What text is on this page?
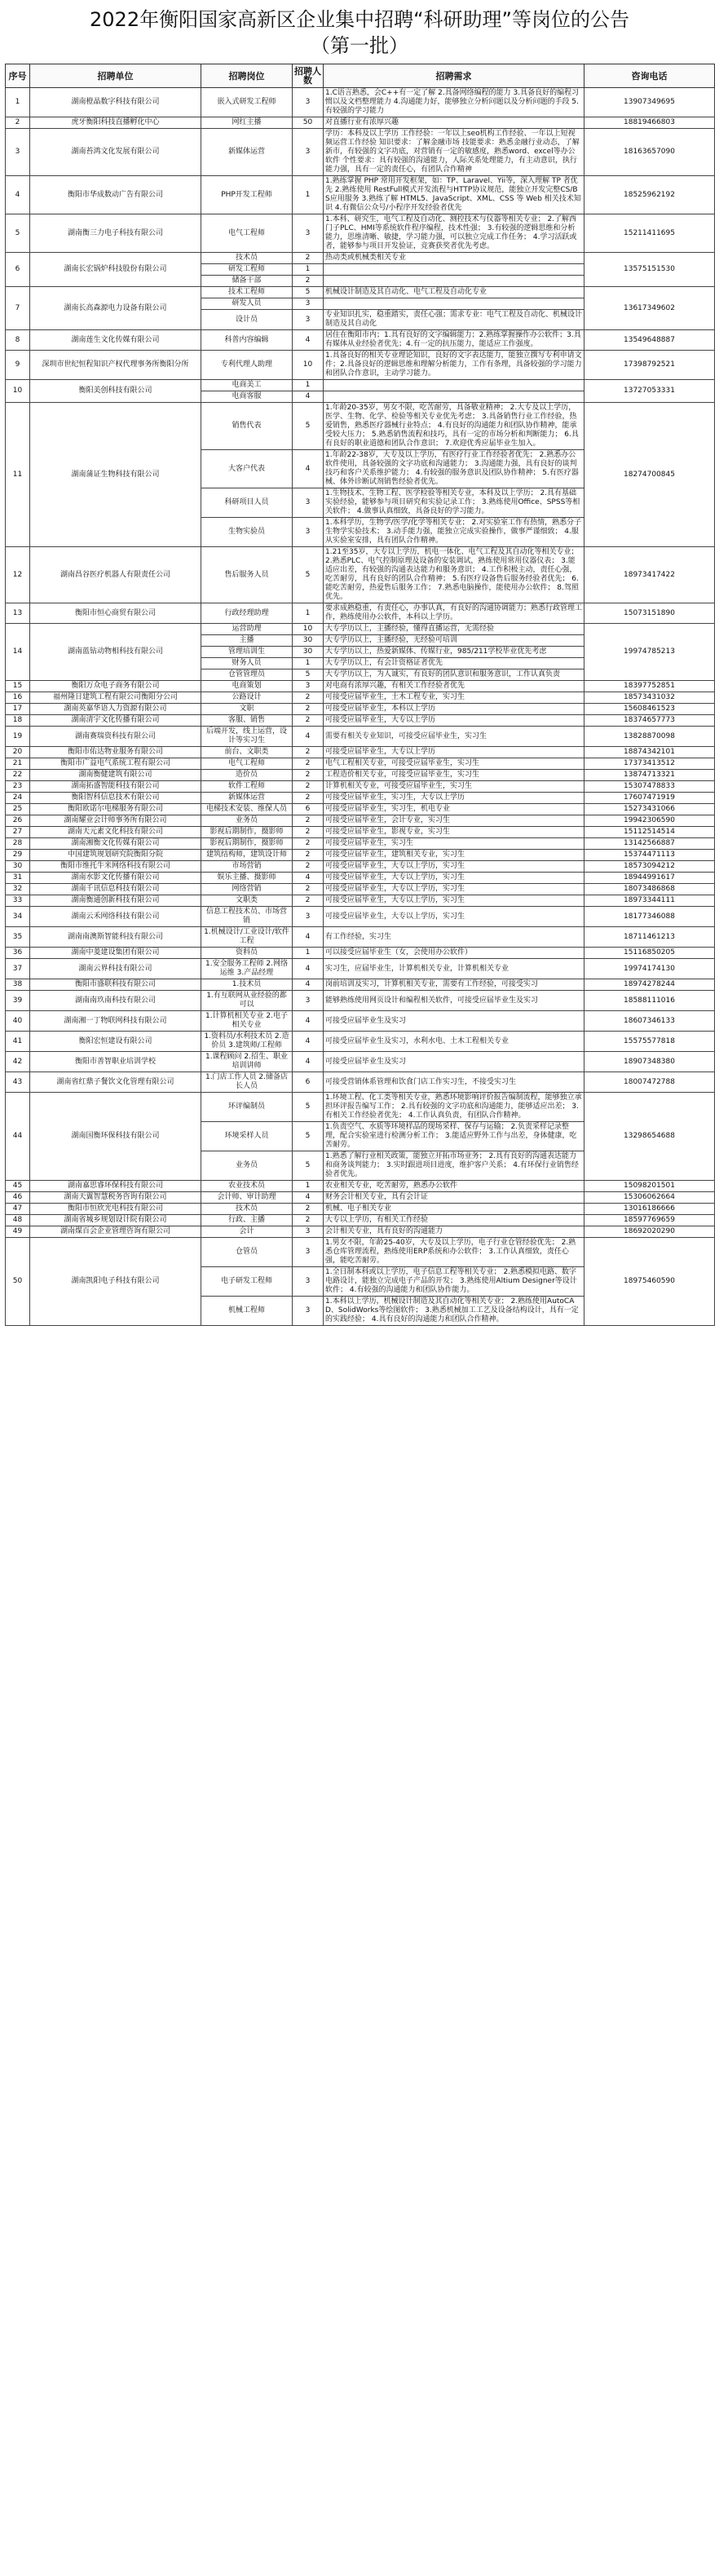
2022年衡阳国家高新区企业集中招聘“科研助理”等岗位的公告
（第一批）
序号	招聘单位	招聘岗位	招聘人数	招聘需求	咨询电话
1	湖南橙晶数字科技有限公司	嵌入式研发工程师	3	1.C语言熟悉，会C++有一定了解 2.具备网络编程的能力 3.具备良好的编程习惯以及文档整理能力 4.沟通能力好，能够独立分析问题以及分析问题的手段 5.有较强的学习能力	13907349695
2	虎牙衡阳科技直播孵化中心	网红主播	50	对直播行业有浓厚兴趣	18819466803
3	湖南苔鸿文化发展有限公司	新媒体运营	3	学历：本科及以上学历 工作经验：一年以上seo机构工作经验、一年以上短视频运营工作经验 知识要求：了解金融市场 技能要求：熟悉金融行业动态，了解新市，有较强的文字功底，对营销有一定的敏感度，熟悉word、excel等办公软件 个性要求：具有较强的沟通能力，人际关系处理能力，有主动意识，执行能力强，具有一定的责任心，有团队合作精神	18163657090
4	衡阳市华成数动广告有限公司	PHP开发工程师	1	1.熟练掌握 PHP 常用开发框架，如：TP、Laravel、Yii等，深入理解 TP 者优先 2.熟练使用 RestFull模式开发流程与HTTP协议规范，能独立开发完整CS/BS应用服务 3.熟练了解 HTML5、JavaScript、XML、CSS 等 Web 相关技术知识 4.有微信公众号/小程序开发经验者优先	18525962192
5	湖南衡三力电子科技有限公司	电气工程师	3	1.本科、研究生，电气工程及自动化、测控技术与仪器等相关专业； 2.了解西门子PLC、HMI等系统软件程序编程，技术性强； 3.有较强的逻辑思维和分析能力，思维清晰、敏捷，学习能力强，可以独立完成工作任务； 4.学习活跃或者，能够参与项目开发验证，竞赛获奖者优先考虑。	15211411695
6	湖南长宏锅炉科技股份有限公司	技术员	2	热动类或机械类相关专业	13575151530
		研发工程师	1		
		储备干部	2		
7	湖南长高森源电力设备有限公司	技术工程师	5	机械设计制造及其自动化、电气工程及自动化专业	13617349602
		研发人员	3		
		设计员	3	专业知识扎实，稳重踏实，责任心强；需求专业：电气工程及自动化、机械设计制造及其自动化	
8	湖南莲生文化传媒有限公司	科普内容编辑	4	居住在衡阳市内；1.具有良好的文字编辑能力；2.熟练掌握操作办公软件；3.具有媒体从业经验者优先；4.有一定的抗压能力，能适应工作强度。	13549648887
9	深圳市世纪恒程知识产权代理事务所衡阳分所	专利代理人助理	10	1.具备良好的相关专业理论知识，良好的文字表达能力，能独立撰写专利申请文件；2.具备良好的逻辑思维和理解分析能力，工作有条理，具备较强的学习能力和团队合作意识，主动学习能力。	17398792521
10	衡阳美创科技有限公司	电商美工	1		13727053331
		电商客服	4		
11	湖南蒲证生物科技有限公司	销售代表	5	1.年龄20-35岁，男女不限，吃苦耐劳，具备敬业精神； 2.大专及以上学历，医学、生物、化学、检验等相关专业优先考虑； 3.具备销售行业工作经验，热爱销售，熟悉医疗器械行业特点； 4.有良好的沟通能力和团队协作精神，能承受较大压力； 5.熟悉销售流程和技巧，具有一定的市场分析和判断能力； 6.具有良好的职业道德和团队合作意识； 7.欢迎优秀应届毕业生加入。	18274700845
		大客户代表	4	1.年龄22-38岁，大专及以上学历，有医疗行业工作经验者优先； 2.熟悉办公软件使用，具备较强的文字功底和沟通能力； 3.沟通能力强，具有良好的谈判技巧和客户关系维护能力； 4.有较强的服务意识及团队协作精神； 5.有医疗器械、体外诊断试剂销售经验者优先。	
		科研项目人员	3	1.生物技术、生物工程、医学检验等相关专业，本科及以上学历； 2.具有基础实验经验，能够参与项目研究和实验记录工作； 3.熟练使用Office、SPSS等相关软件； 4.做事认真细致，具备良好的学习能力。	
		生物实验员	3	1.本科学历，生物学/医学/化学等相关专业； 2.对实验室工作有热情，熟悉分子生物学实验技术； 3.动手能力强，能独立完成实验操作，做事严谨细致； 4.服从实验室安排，具有团队合作精神。	
12	湖南昌谷医疗机器人有限责任公司	售后服务人员	5	1.21至35岁，大专以上学历，机电一体化、电气工程及其自动化等相关专业； 2.熟悉PLC、电气控制原理及设备的安装调试，熟练使用常用仪器仪表； 3.能适应出差，有较强的沟通表达能力和服务意识； 4.工作积极主动，责任心强，吃苦耐劳，具有良好的团队合作精神； 5.有医疗设备售后服务经验者优先； 6.能吃苦耐劳，热爱售后服务工作； 7.熟悉电脑操作，能使用办公软件； 8.驾照优先。	18973417422
13	衡阳市恒心商贸有限公司	行政经理助理	1	要求成熟稳重，有责任心，办事认真，有良好的沟通协调能力；熟悉行政管理工作，熟练使用办公软件，本科以上学历。	15073151890
14	湖南蓝钻动物相科技有限公司	运营助理	10	大专学历以上，主播经验，懂得直播运营，无需经验	19974785213
		主播	30	大专学历以上，主播经验，无经验可培训	
		管理培训生	30	大专学历以上，热爱新媒体、传媒行业，985/211学校毕业优先考虑	
		财务人员	1	大专学历以上，有会计资格证者优先	
		仓管管理员	5	大专学历以上，为人诚实，有良好的团队意识和服务意识，工作认真负责	
15	衡阳万众电子商务有限公司	电商策划	3	对电商有浓厚兴趣，有相关工作经验者优先	18397752851
16	福州隆日建筑工程有限公司衡阳分公司	公路设计	2	可接受应届毕业生，土木工程专业，实习生	18573431032
17	湖南英嘉华语人力资源有限公司	文职	2	可接受应届毕业生，本科以上学历	15608461523
18	湖南清宇文化传播有限公司	客服、销售	2	可接受应届毕业生，大专以上学历	18374657773
19	湖南赛瑞资科技有限公司	后端开发，线上运营，设计等实习生	4	需要有相关专业知识，可接受应届毕业生，实习生	13828870098
20	衡阳市佑达物业服务有限公司	前台、文职类	2	可接受应届毕业生，大专以上学历	18874342101
21	衡阳市广益电气系统工程有限公司	电气工程师	2	电气工程相关专业，可接受应届毕业生，实习生	17373413512
22	湖南衡健建筑有限公司	造价员	2	工程造价相关专业，可接受应届毕业生，实习生	13874713321
23	湖南拓盛智能科技有限公司	软件工程师	2	计算机相关专业，可接受应届毕业生，实习生	15307478833
24	衡阳智科信息技术有限公司	新媒体运营	2	可接受应届毕业生，实习生，大专以上学历	17607471919
25	衡阳欧诺尔电梯服务有限公司	电梯技术安装、维保人员	6	可接受应届毕业生，实习生，机电专业	15273431066
26	湖南耀业会计师事务所有限公司	业务员	2	可接受应届毕业生，会计专业，实习生	19942306590
27	湖南天元素文化科技有限公司	影视后期制作，摄影师	2	可接受应届毕业生，影视专业，实习生	15112514514
28	湖南湘衡文化传媒有限公司	影视后期制作，摄影师	2	可接受应届毕业生，实习生	13142566887
29	中国建筑规划研究院衡阳分院	建筑结构师，建筑设计师	2	可接受应届毕业生，建筑相关专业，实习生	15374471113
30	衡阳市维托牛米网络科技有限公司	市场营销	2	可接受应届毕业生，大专以上学历，实习生	18573094212
31	湖南水影文化传播有限公司	娱乐主播、摄影师	4	可接受应届毕业生，大专以上学历，实习生	18944991617
32	湖南千讯信息科技有限公司	网络营销	2	可接受应届毕业生，大专以上学历，实习生	18073486868
33	湖南衡通创新科技有限公司	文职类	2	可接受应届毕业生，大专以上学历，实习生	18973344111
34	湖南云禾网络科技有限公司	信息工程技术员、市场营销	3	可接受应届毕业生，大专以上学历，实习生	18177346088
35	湖南南澳斯智能科技有限公司	1.机械设计/工业设计/软件工程	4	有工作经验，实习生	18711461213
36	湖南中菱建设集团有限公司	资料员	1	可以接受应届毕业生（女，会使用办公软件）	15116850205
37	湖南云界科技有限公司	1.安全服务工程师 2.网络运维 3.产品经理	4	实习生，应届毕业生，计算机相关专业，计算机相关专业	19974174130
38	衡阳市盛联科技有限公司	1.技术员	4	岗前培训及实习，计算机相关专业，需要有工作经验，可接受实习	18974278244
39	湖南南玖南科技有限公司	1.有互联网从业经验的都可以	3	能够熟练使用网页设计和编程相关软件，可接受应届毕业生及实习	18588111016
40	湖南湘一丁物联网科技有限公司	1.计算机相关专业 2.电子相关专业	4	可接受应届毕业生及实习	18607346133
41	衡阳宏恒建设有限公司	1.资料员/水利技术员 2.造价员 3.建筑师/工程师	4	可接受应届毕业生及实习，水利水电、土木工程相关专业	15575577818
42	衡阳市善智职业培训学校	1.课程顾问 2.招生、职业培训讲师	4	可接受应届毕业生及实习	18907348380
43	湖南省红鼎子餐饮文化管理有限公司	1.门店工作人员 2.储备店长人员	6	可接受营销体系管理和饮食门店工作实习生，不接受实习生	18007472788
44	湖南国衡环保科技有限公司	环评编制员	5	1.环境工程、化工类等相关专业，熟悉环境影响评价报告编制流程，能够独立承担环评报告编写工作； 2.具有较强的文字功底和沟通能力，能够适应出差； 3.有相关工作经验者优先； 4.工作认真负责，有团队合作精神。	13298654688
		环境采样人员	5	1.负责空气、水质等环境样品的现场采样、保存与运输； 2.负责采样记录整理，配合实验室进行检测分析工作； 3.能适应野外工作与出差，身体健康，吃苦耐劳。	
		业务员	5	1.熟悉了解行业相关政策，能独立开拓市场业务； 2.具有良好的沟通表达能力和商务谈判能力； 3.实时跟进项目进度，维护客户关系； 4.有环保行业销售经验者优先。	
45	湖南嘉思睿环保科技有限公司	农业技术员	1	农业相关专业，吃苦耐劳，熟悉办公软件	15098201501
46	湖南天翼智慧税务咨询有限公司	会计师、审计助理	4	财务会计相关专业，具有会计证	15306062664
47	衡阳市恒欣光电科技有限公司	技术员	2	机械、电子相关专业	13016186666
48	湖南省城乡规划设计院有限公司	行政、主播	2	大专以上学历，有相关工作经验	18597769659
49	湖南煤百会企业管理咨询有限公司	会计	3	会计相关专业，具有良好的沟通能力	18692020290
50	湖南凯阳电子科技有限公司	仓管员	3	1.男女不限，年龄25-40岁，大专及以上学历，电子行业仓管经验优先； 2.熟悉仓库管理流程，熟练使用ERP系统和办公软件； 3.工作认真细致，责任心强，能吃苦耐劳。	18975460590
		电子研发工程师	3	1.全日制本科或以上学历，电子信息工程等相关专业； 2.熟悉模拟电路、数字电路设计，能独立完成电子产品的开发； 3.熟练使用Altium Designer等设计软件； 4.有较强的沟通能力和团队协作能力。	
		机械工程师	3	1.本科以上学历，机械设计制造及其自动化等相关专业； 2.熟练使用AutoCAD、SolidWorks等绘图软件； 3.熟悉机械加工工艺及设备结构设计，具有一定的实践经验； 4.具有良好的沟通能力和团队合作精神。	
